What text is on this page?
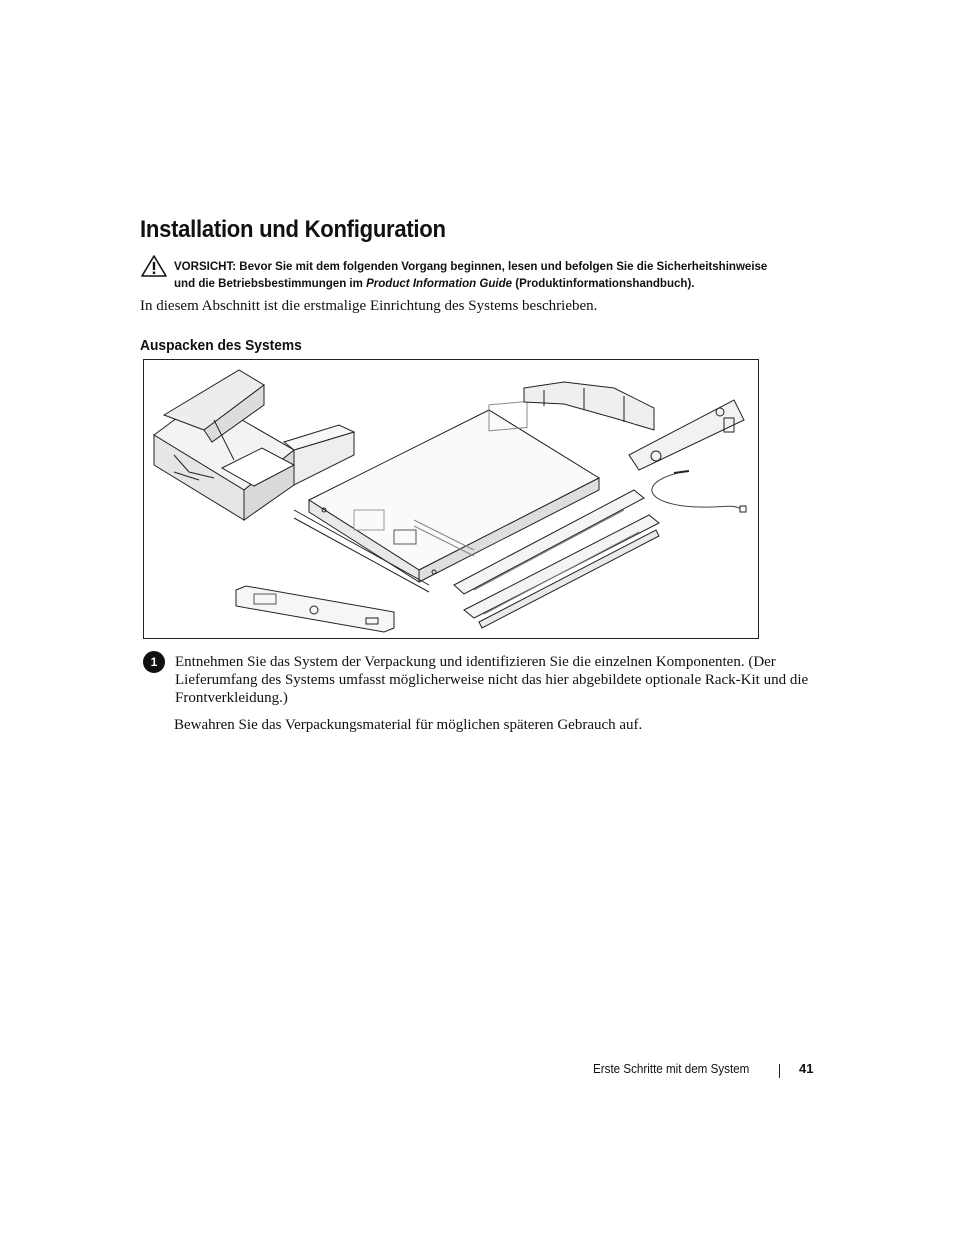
Installation und Konfiguration
VORSICHT: Bevor Sie mit dem folgenden Vorgang beginnen, lesen und befolgen Sie die Sicherheitshinweise und die Betriebsbestimmungen im Product Information Guide (Produktinformationshandbuch).

In diesem Abschnitt ist die erstmalige Einrichtung des Systems beschrieben.

Auspacken des Systems
1	Entnehmen Sie das System der Verpackung und identifizieren Sie die einzelnen Komponenten. (Der Lieferumfang des Systems umfasst möglicherweise nicht das hier abgebildete optionale Rack-Kit und die Frontverkleidung.)

Bewahren Sie das Verpackungsmaterial für möglichen späteren Gebrauch auf.

Erste Schritte mit dem System	41
